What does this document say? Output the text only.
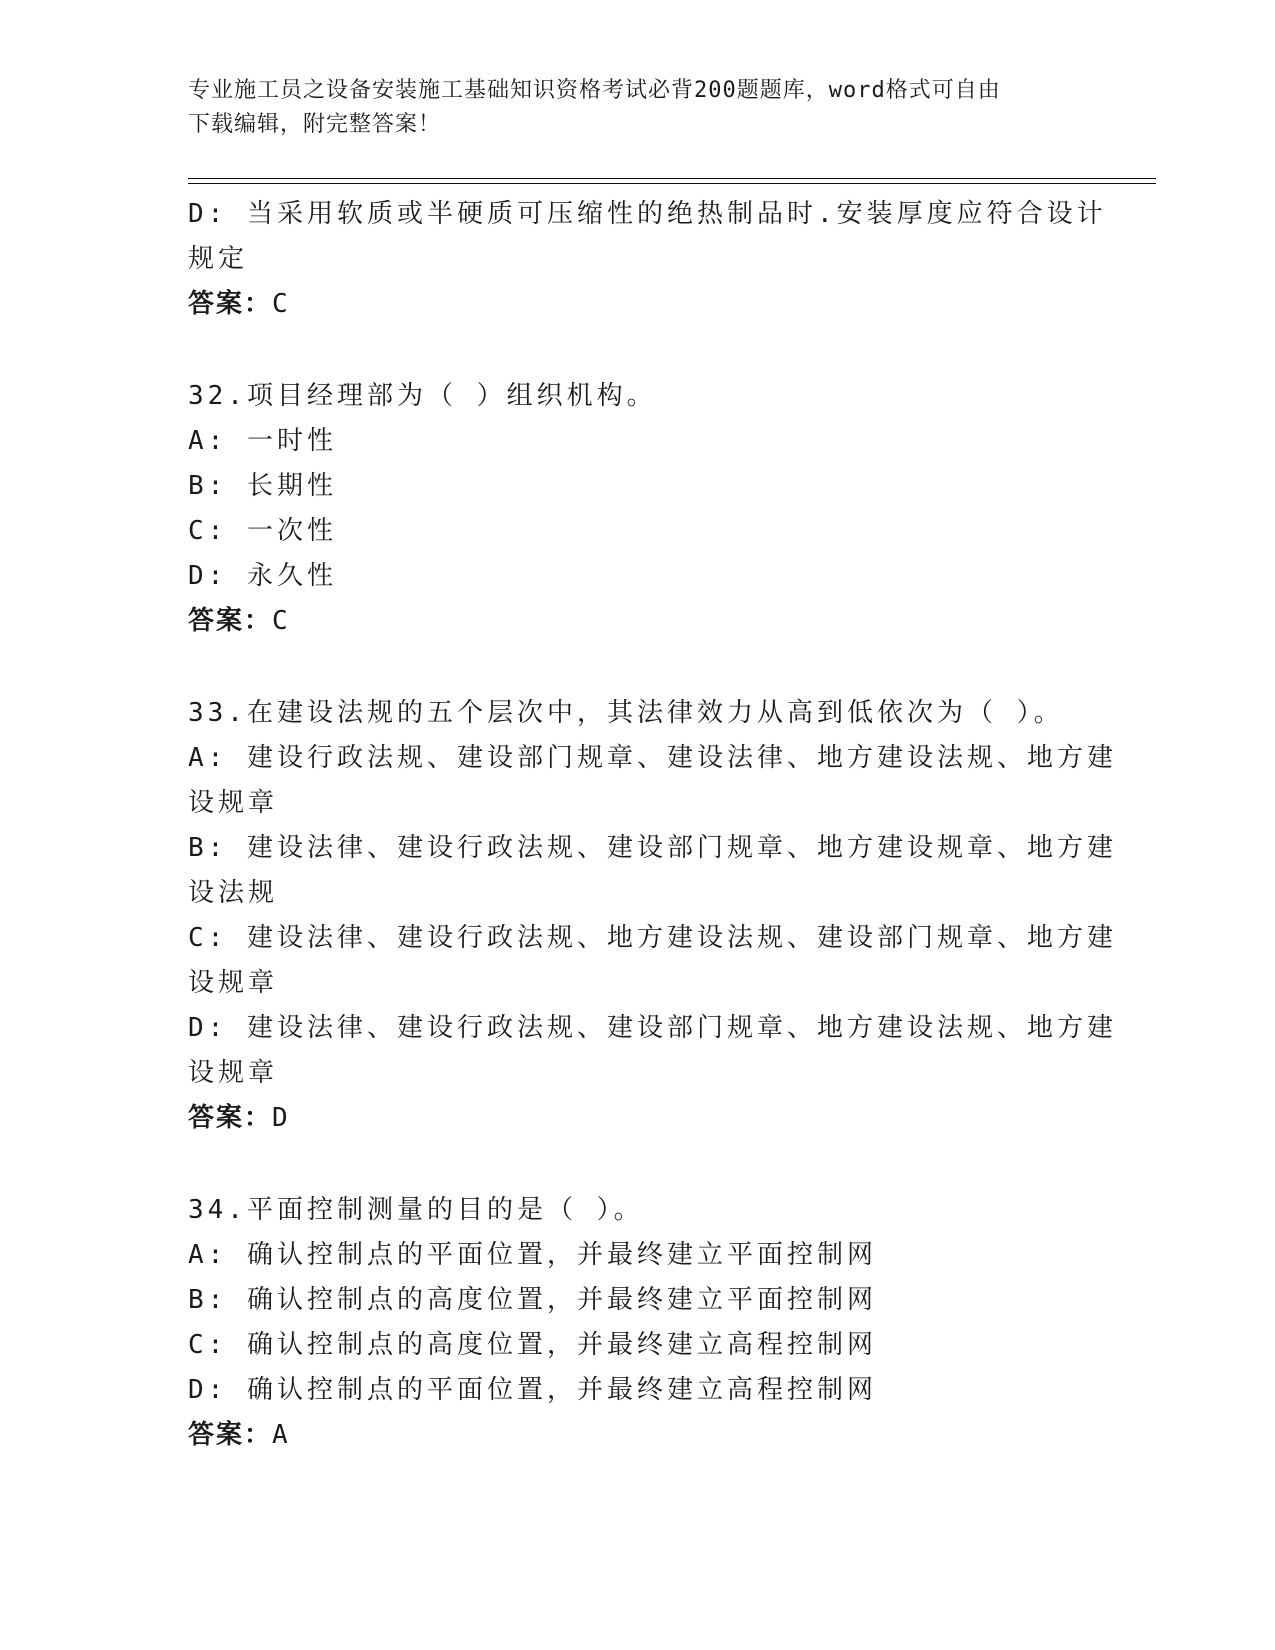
专业施工员之设备安装施工基础知识资格考试必背200题题库，word格式可自由
下载编辑，附完整答案！
D: 当采用软质或半硬质可压缩性的绝热制品时.安装厚度应符合设计
规定
答案：C
32.项目经理部为（ ）组织机构。
A: 一时性
B: 长期性
C: 一次性
D: 永久性
答案：C
33.在建设法规的五个层次中，其法律效力从高到低依次为（ ）。
A: 建设行政法规、建设部门规章、建设法律、地方建设法规、地方建
设规章
B: 建设法律、建设行政法规、建设部门规章、地方建设规章、地方建
设法规
C: 建设法律、建设行政法规、地方建设法规、建设部门规章、地方建
设规章
D: 建设法律、建设行政法规、建设部门规章、地方建设法规、地方建
设规章
答案：D
34.平面控制测量的目的是（ ）。
A: 确认控制点的平面位置，并最终建立平面控制网
B: 确认控制点的高度位置，并最终建立平面控制网
C: 确认控制点的高度位置，并最终建立高程控制网
D: 确认控制点的平面位置，并最终建立高程控制网
答案：A
